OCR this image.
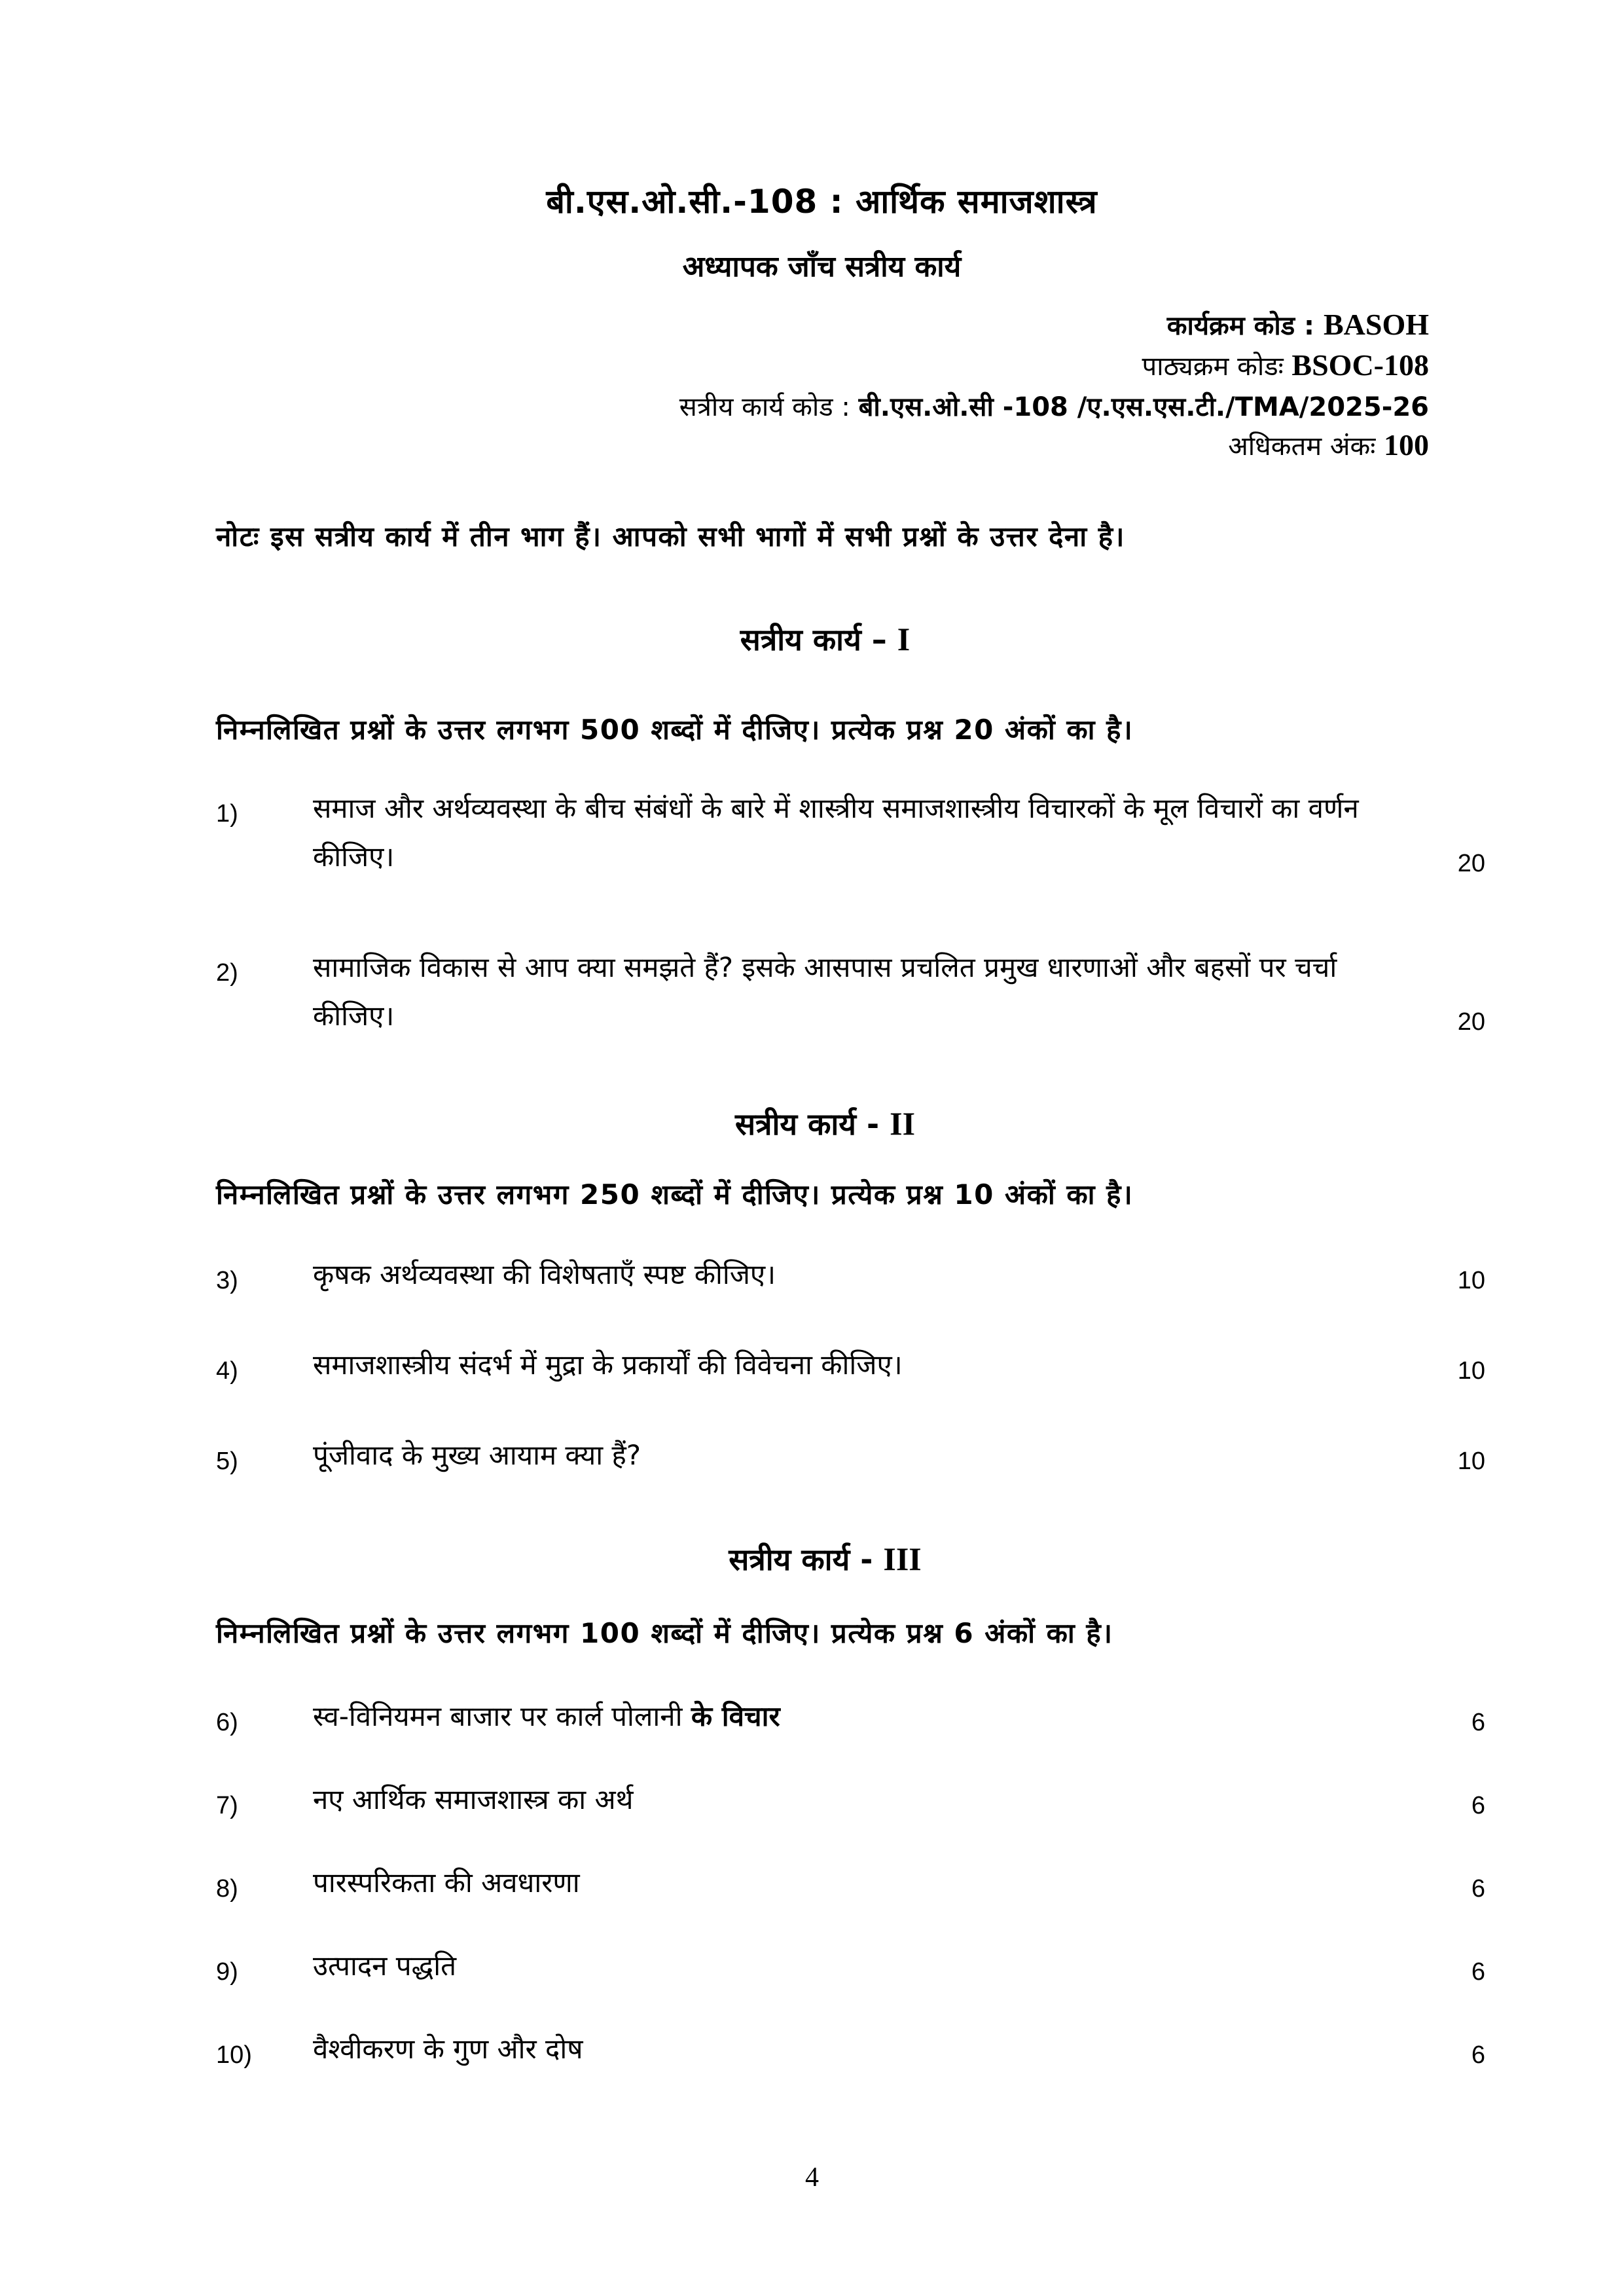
बी.एस.ओ.सी.-108 : आर्थिक समाजशास्त्र
अध्यापक जाँच सत्रीय कार्य
कार्यक्रम कोड : BASOH
पाठ्यक्रम कोडः BSOC-108
सत्रीय कार्य कोड : बी.एस.ओ.सी -108 /ए.एस.एस.टी./TMA/2025-26
अधिकतम अंकः 100
नोटः इस सत्रीय कार्य में तीन भाग हैं। आपको सभी भागों में सभी प्रश्नों के उत्तर देना है।
सत्रीय कार्य – I
निम्नलिखित प्रश्नों के उत्तर लगभग 500 शब्दों में दीजिए। प्रत्येक प्रश्न 20 अंकों का है।
1)	समाज और अर्थव्यवस्था के बीच संबंधों के बारे में शास्त्रीय समाजशास्त्रीय विचारकों के मूल विचारों का वर्णन कीजिए।	20
2)	सामाजिक विकास से आप क्या समझते हैं? इसके आसपास प्रचलित प्रमुख धारणाओं और बहसों पर चर्चा कीजिए।	20
सत्रीय कार्य - II
निम्नलिखित प्रश्नों के उत्तर लगभग 250 शब्दों में दीजिए। प्रत्येक प्रश्न 10 अंकों का है।
3)	कृषक अर्थव्यवस्था की विशेषताएँ स्पष्ट कीजिए।	10
4)	समाजशास्त्रीय संदर्भ में मुद्रा के प्रकार्यों की विवेचना कीजिए।	10
5)	पूंजीवाद के मुख्य आयाम क्या हैं?	10
सत्रीय कार्य - III
निम्नलिखित प्रश्नों के उत्तर लगभग 100 शब्दों में दीजिए। प्रत्येक प्रश्न 6 अंकों का है।
6)	स्व-विनियमन बाजार पर कार्ल पोलानी के विचार	6
7)	नए आर्थिक समाजशास्त्र का अर्थ	6
8)	पारस्परिकता की अवधारणा	6
9)	उत्पादन पद्धति	6
10) वैश्वीकरण के गुण और दोष	6
4
